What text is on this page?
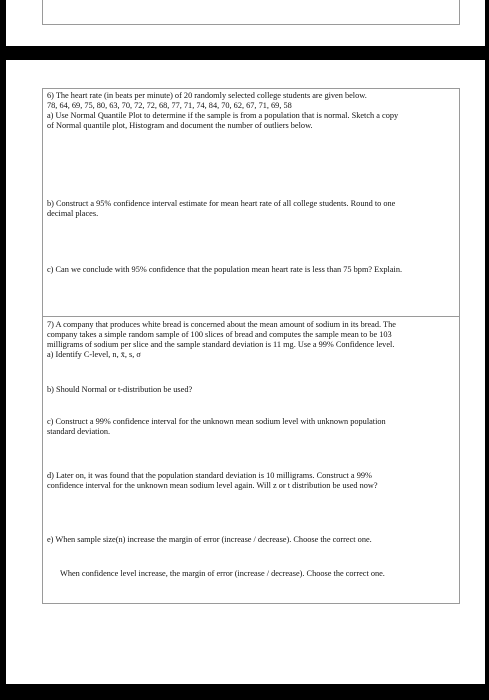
6) The heart rate (in beats per minute) of 20 randomly selected college students are given below.

78, 64, 69, 75, 80, 63, 70, 72, 72, 68, 77, 71, 74, 84, 70, 62, 67, 71, 69, 58

a) Use Normal Quantile Plot to determine if the sample is from a population that is normal. Sketch a copy

of Normal quantile plot, Histogram and document the number of outliers below.

b) Construct a 95% confidence interval estimate for mean heart rate of all college students. Round to one

decimal places.

c) Can we conclude with 95% confidence that the population mean heart rate is less than 75 bpm? Explain.

7) A company that produces white bread is concerned about the mean amount of sodium in its bread. The

company takes a simple random sample of 100 slices of bread and computes the sample mean to be 103

milligrams of sodium per slice and the sample standard deviation is 11 mg. Use a 99% Confidence level.

a) Identify C-level, n, x̄, s, σ

b) Should Normal or t-distribution be used?

c) Construct a 99% confidence interval for the unknown mean sodium level with unknown population

standard deviation.

d) Later on, it was found that the population standard deviation is 10 milligrams. Construct a 99%

confidence interval for the unknown mean sodium level again. Will z or t distribution be used now?

e) When sample size(n) increase the margin of error (increase / decrease). Choose the correct one.

When confidence level increase, the margin of error (increase / decrease). Choose the correct one.
